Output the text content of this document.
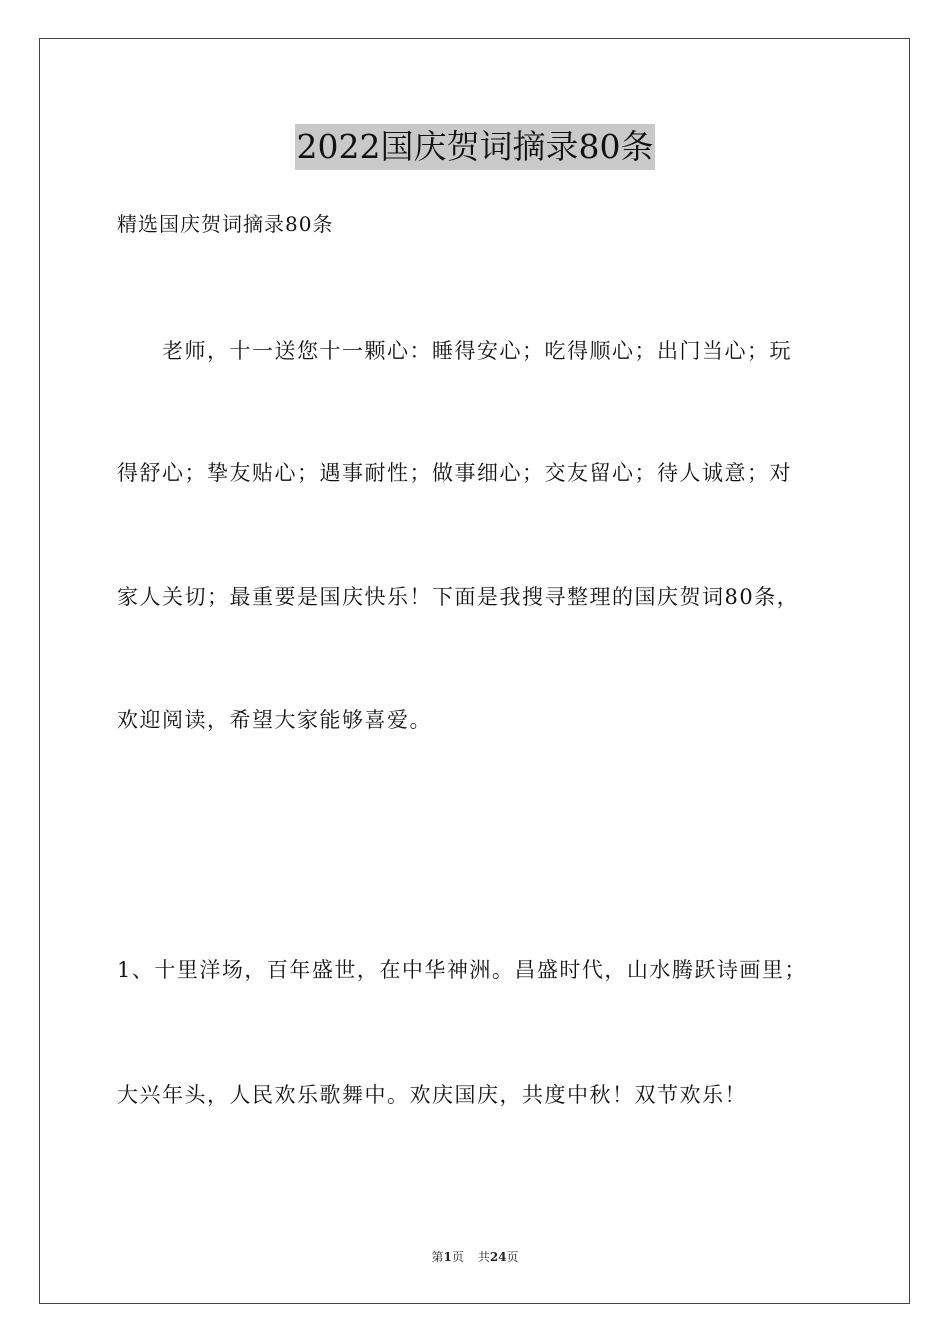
2022国庆贺词摘录80条
精选国庆贺词摘录80条
老师，十一送您十一颗心：睡得安心；吃得顺心；出门当心；玩
得舒心；挚友贴心；遇事耐性；做事细心；交友留心；待人诚意；对
家人关切；最重要是国庆快乐！下面是我搜寻整理的国庆贺词80条，
欢迎阅读，希望大家能够喜爱。
1、十里洋场，百年盛世，在中华神洲。昌盛时代，山水腾跃诗画里；
大兴年头，人民欢乐歌舞中。欢庆国庆，共度中秋！双节欢乐！
第1页 共24页
